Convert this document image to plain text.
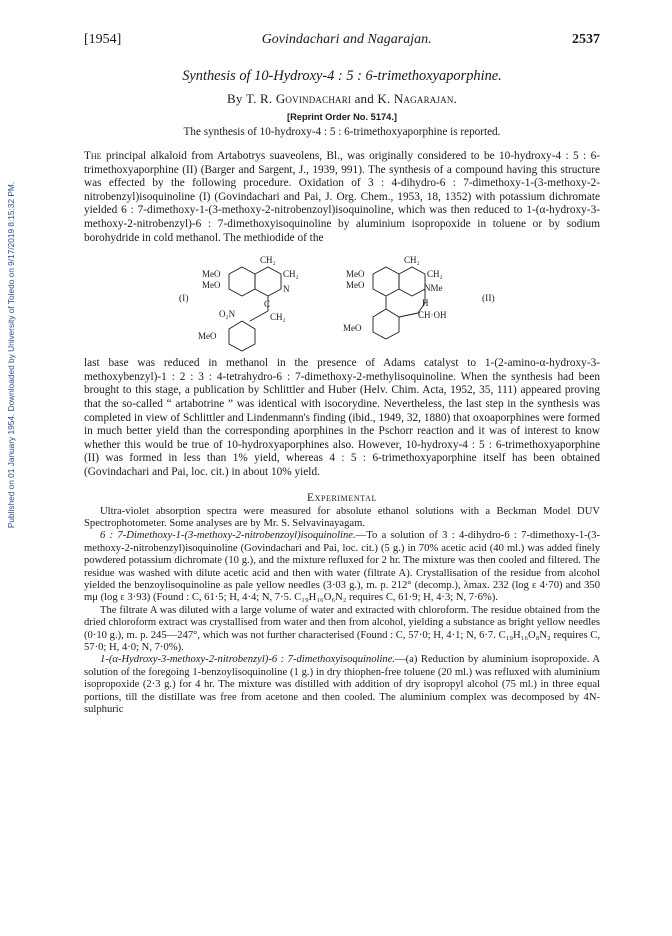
Published on 01 January 1954. Downloaded by University of Toledo on 9/17/2019 8:15:32 PM.
[1954]	Govindachari and Nagarajan.	2537
Synthesis of 10-Hydroxy-4 : 5 : 6-trimethoxyaporphine.
By T. R. Govindachari and K. Nagarajan.
[Reprint Order No. 5174.]
The synthesis of 10-hydroxy-4 : 5 : 6-trimethoxyaporphine is reported.

The principal alkaloid from Artabotrys suaveolens, Bl., was originally considered to be 10-hydroxy-4 : 5 : 6-trimethoxyaporphine (II) (Barger and Sargent, J., 1939, 991). The synthesis of a compound having this structure was effected by the following procedure. Oxidation of 3 : 4-dihydro-6 : 7-dimethoxy-1-(3-methoxy-2-nitrobenzyl)isoquinoline (I) (Govindachari and Pai, J. Org. Chem., 1953, 18, 1352) with potassium dichromate yielded 6 : 7-dimethoxy-1-(3-methoxy-2-nitrobenzoyl)isoquinoline, which was then reduced to 1-(α-hydroxy-3-methoxy-2-nitrobenzyl)-6 : 7-dimethoxyisoquinoline by aluminium isopropoxide in toluene or by sodium borohydride in cold methanol. The methiodide of the

(I)	(II)
CH₂
CH₂
N
MeO
MeO
C
O₂N	CH₂
MeO
CH₂
CH₂
NMe
MeO
MeO
H
CH·OH
MeO

last base was reduced in methanol in the presence of Adams catalyst to 1-(2-amino-α-hydroxy-3-methoxybenzyl)-1 : 2 : 3 : 4-tetrahydro-6 : 7-dimethoxy-2-methylisoquinoline. When the synthesis had been brought to this stage, a publication by Schlittler and Huber (Helv. Chim. Acta, 1952, 35, 111) appeared proving that the so-called “ artabotrine ” was identical with isocorydine. Nevertheless, the last step in the synthesis was completed in view of Schlittler and Lindenmann's finding (ibid., 1949, 32, 1880) that oxoaporphines were formed in much better yield than the corresponding aporphines in the Pschorr reaction and it was of interest to know whether this would be true of 10-hydroxyaporphines also. However, 10-hydroxy-4 : 5 : 6-trimethoxyaporphine (II) was formed in less than 1% yield, whereas 4 : 5 : 6-trimethoxyaporphine itself has been obtained (Govindachari and Pai, loc. cit.) in about 10% yield.

Experimental

Ultra-violet absorption spectra were measured for absolute ethanol solutions with a Beckman Model DUV Spectrophotometer. Some analyses are by Mr. S. Selvavinayagam.

6 : 7-Dimethoxy-1-(3-methoxy-2-nitrobenzoyl)isoquinoline.—To a solution of 3 : 4-dihydro-6 : 7-dimethoxy-1-(3-methoxy-2-nitrobenzyl)isoquinoline (Govindachari and Pai, loc. cit.) (5 g.) in 70% acetic acid (40 ml.) was added finely powdered potassium dichromate (10 g.), and the mixture refluxed for 2 hr. The mixture was then cooled and filtered. The residue was washed with dilute acetic acid and then with water (filtrate A). Crystallisation of the residue from alcohol yielded the benzoylisoquinoline as pale yellow needles (3·03 g.), m. p. 212° (decomp.), λmax. 232 (log ε 4·70) and 350 mμ (log ε 3·93) (Found : C, 61·5; H, 4·4; N, 7·5. C₁₉H₁₆O₆N₂ requires C, 61·9; H, 4·3; N, 7·6%).

The filtrate A was diluted with a large volume of water and extracted with chloroform. The residue obtained from the dried chloroform extract was crystallised from water and then from alcohol, yielding a substance as bright yellow needles (0·10 g.), m. p. 245—247°, which was not further characterised (Found : C, 57·0; H, 4·1; N, 6·7. C₁₉H₁₆O₈N₂ requires C, 57·0; H, 4·0; N, 7·0%).

1-(α-Hydroxy-3-methoxy-2-nitrobenzyl)-6 : 7-dimethoxyisoquinoline.—(a) Reduction by aluminium isopropoxide. A solution of the foregoing 1-benzoylisoquinoline (1 g.) in dry thiophen-free toluene (20 ml.) was refluxed with aluminium isopropoxide (2·3 g.) for 4 hr. The mixture was distilled with addition of dry isopropyl alcohol (75 ml.) in three equal portions, till the distillate was free from acetone and then cooled. The aluminium complex was decomposed by 4N-sulphuric
